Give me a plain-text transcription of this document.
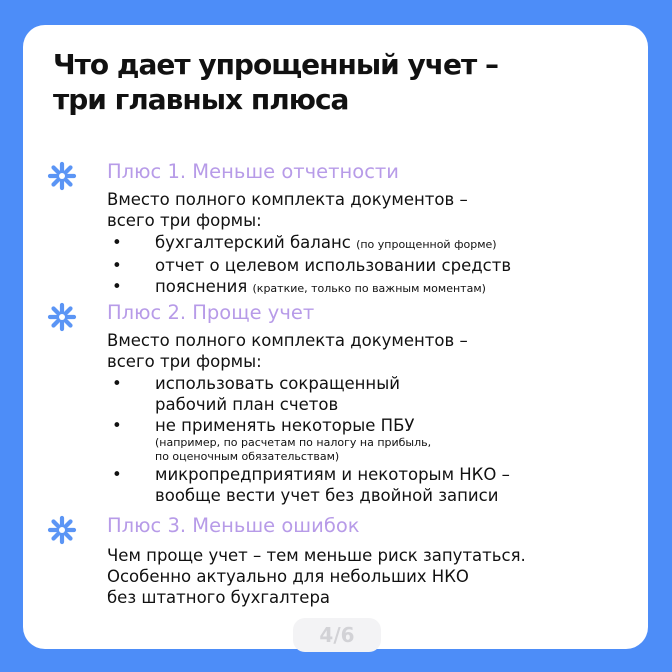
Что дает упрощенный учет –
три главных плюса
Плюс 1. Меньше отчетности
Вместо полного комплекта документов –
всего три формы:
• бухгалтерский баланс (по упрощенной форме)
• отчет о целевом использовании средств
• пояснения (краткие, только по важным моментам)
Плюс 2. Проще учет
Вместо полного комплекта документов –
всего три формы:
• использовать сокращенный
рабочий план счетов
• не применять некоторые ПБУ
(например, по расчетам по налогу на прибыль,
по оценочным обязательствам)
• микропредприятиям и некоторым НКО –
вообще вести учет без двойной записи
Плюс 3. Меньше ошибок
Чем проще учет – тем меньше риск запутаться.
Особенно актуально для небольших НКО
без штатного бухгалтера
4/6
